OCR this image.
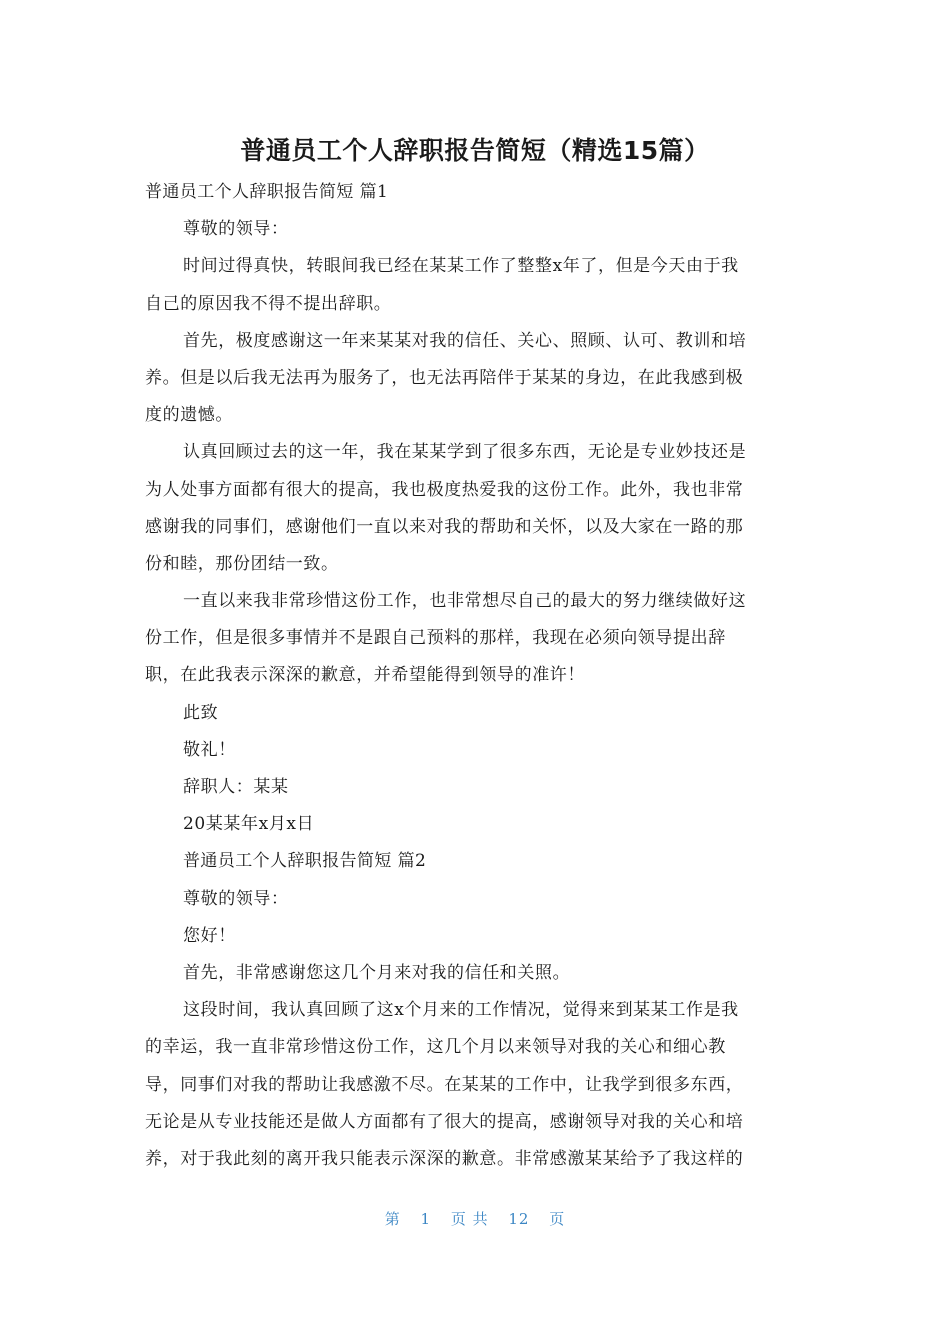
普通员工个人辞职报告简短（精选15篇）
普通员工个人辞职报告简短 篇1
尊敬的领导：
时间过得真快，转眼间我已经在某某工作了整整x年了，但是今天由于我
自己的原因我不得不提出辞职。
首先，极度感谢这一年来某某对我的信任、关心、照顾、认可、教训和培
养。但是以后我无法再为服务了，也无法再陪伴于某某的身边，在此我感到极
度的遗憾。
认真回顾过去的这一年，我在某某学到了很多东西，无论是专业妙技还是
为人处事方面都有很大的提高，我也极度热爱我的这份工作。此外，我也非常
感谢我的同事们，感谢他们一直以来对我的帮助和关怀，以及大家在一路的那
份和睦，那份团结一致。
一直以来我非常珍惜这份工作，也非常想尽自己的最大的努力继续做好这
份工作，但是很多事情并不是跟自己预料的那样，我现在必须向领导提出辞
职，在此我表示深深的歉意，并希望能得到领导的准许！
此致
敬礼！
辞职人：某某
20某某年x月x日
普通员工个人辞职报告简短 篇2
尊敬的领导：
您好！
首先，非常感谢您这几个月来对我的信任和关照。
这段时间，我认真回顾了这x个月来的工作情况，觉得来到某某工作是我
的幸运，我一直非常珍惜这份工作，这几个月以来领导对我的关心和细心教
导，同事们对我的帮助让我感激不尽。在某某的工作中，让我学到很多东西，
无论是从专业技能还是做人方面都有了很大的提高，感谢领导对我的关心和培
养，对于我此刻的离开我只能表示深深的歉意。非常感激某某给予了我这样的
第 1 页 共 12 页
